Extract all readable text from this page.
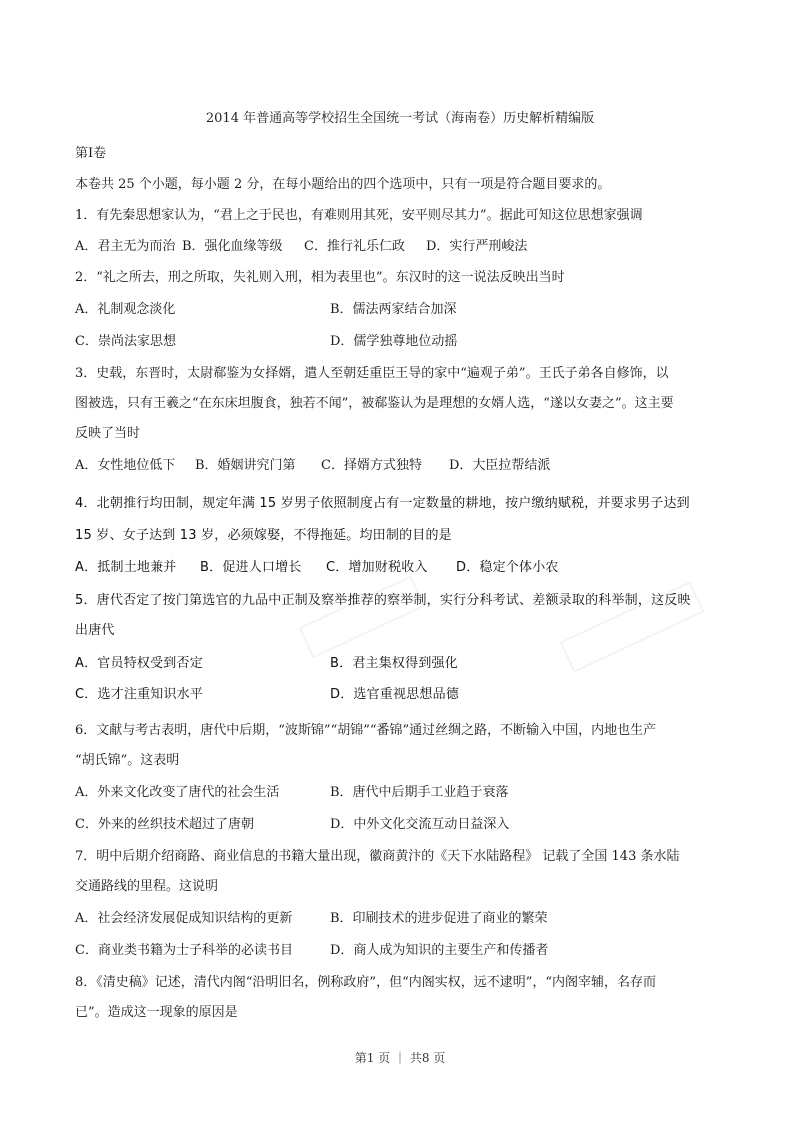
2014 年普通高等学校招生全国统一考试（海南卷）历史解析精编版
第Ⅰ卷
本卷共 25 个小题，每小题 2 分，在每小题给出的四个选项中，只有一项是符合题目要求的。
1．有先秦思想家认为，“君上之于民也，有难则用其死，安平则尽其力”。据此可知这位思想家强调
A．君主无为而治 B．强化血缘等级 C．推行礼乐仁政 D．实行严刑峻法
2．“礼之所去，刑之所取，失礼则入刑，相为表里也”。东汉时的这一说法反映出当时
A．礼制观念淡化	B．儒法两家结合加深
C．崇尚法家思想	D．儒学独尊地位动摇
3．史载，东晋时，太尉郗鉴为女择婿，遣人至朝廷重臣王导的家中“遍观子弟”。王氏子弟各自修饰，以
图被选，只有王羲之“在东床坦腹食，独若不闻”，被郗鉴认为是理想的女婿人选，“遂以女妻之”。这主要
反映了当时
A．女性地位低下 B．婚姻讲究门第 C．择婿方式独特 D．大臣拉帮结派
4．北朝推行均田制，规定年满 15 岁男子依照制度占有一定数量的耕地，按户缴纳赋税，并要求男子达到
15 岁、女子达到 13 岁，必须嫁娶，不得拖延。均田制的目的是
A．抵制土地兼并 B．促进人口增长 C．增加财税收入 D．稳定个体小农
5．唐代否定了按门第选官的九品中正制及察举推荐的察举制，实行分科考试、差额录取的科举制，这反映
出唐代
A．官员特权受到否定	B．君主集权得到强化
C．选才注重知识水平	D．选官重视思想品德
6．文献与考古表明，唐代中后期，“波斯锦”“胡锦”“番锦”通过丝绸之路，不断输入中国，内地也生产
“胡氏锦”。这表明
A．外来文化改变了唐代的社会生活	B．唐代中后期手工业趋于衰落
C．外来的丝织技术超过了唐朝	D．中外文化交流互动日益深入
7．明中后期介绍商路、商业信息的书籍大量出现，徽商黄汴的《天下水陆路程》 记载了全国 143 条水陆
交通路线的里程。这说明
A．社会经济发展促成知识结构的更新	B．印刷技术的进步促进了商业的繁荣
C．商业类书籍为士子科举的必读书目	D．商人成为知识的主要生产和传播者
8．《清史稿》记述，清代内阁“沿明旧名，例称政府”，但“内阁实权，远不逮明”，“内阁宰辅，名存而
已”。造成这一现象的原因是
第1 页 ｜ 共8 页
